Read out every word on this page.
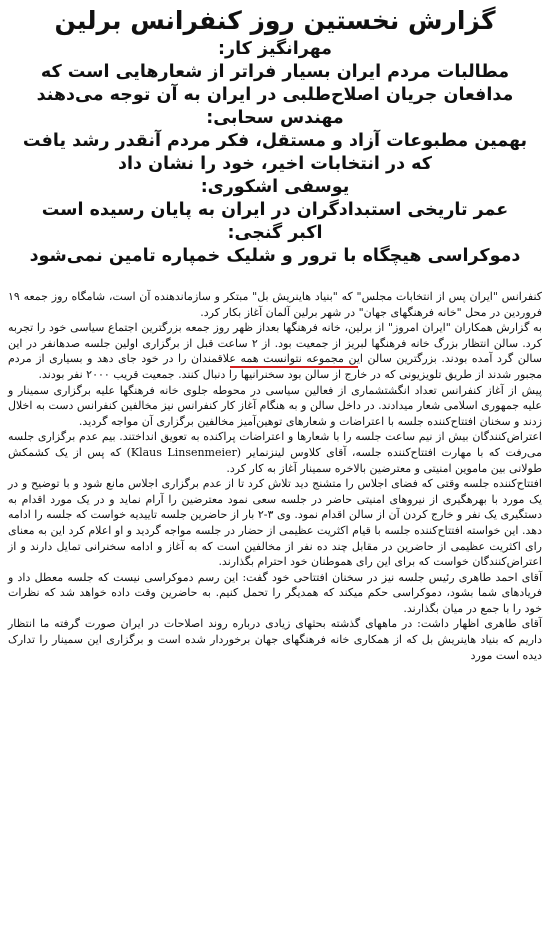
گزارش نخستین روز کنفرانس برلین
مهرانگیز کار:
مطالبات مردم ایران بسیار فراتر از شعارهایی است که
مدافعان جریان اصلاح‌طلبی در ایران به آن توجه می‌دهند
مهندس سحابی:
بهمین مطبوعات آزاد و مستقل، فکر مردم آنقدر رشد یافت
که در انتخابات اخیر، خود را نشان داد
یوسفی اشکوری:
عمر تاریخی استبدادگران در ایران به پایان رسیده است
اکبر گنجی:
دموکراسی هیچگاه با ترور و شلیک خمپاره تامین نمی‌شود

کنفرانس "ایران پس از انتخابات مجلس" که "بنیاد هاینریش بل" مبتکر و سازماندهنده آن است، شامگاه روز جمعه ۱۹ فروردین در محل "خانه فرهنگهای جهان" در شهر برلین آلمان آغاز بکار کرد.

به گزارش همکاران "ایران امروز" از برلین، خانه فرهنگها بعداز ظهر روز جمعه بزرگترین اجتماع سیاسی خود را تجربه کرد. سالن انتظار بزرگ خانه فرهنگها لبریز از جمعیت بود. از ۲ ساعت قبل از برگزاری اولین جلسه صدهانفر در این سالن گرد آمده بودند. بزرگترین سالن این مجموعه نتوانست همه علاقمندان را در خود جای دهد و بسیاری از مردم مجبور شدند از طریق تلویزیونی که در خارج از سالن بود سخنرانیها را دنبال کنند. جمعیت قریب ۲۰۰۰ نفر بودند.

پیش از آغاز کنفرانس تعداد انگشتشماری از فعالین سیاسی در محوطه جلوی خانه فرهنگها علیه برگزاری سمینار و علیه جمهوری اسلامی شعار میدادند. در داخل سالن و به هنگام آغاز کار کنفرانس نیز مخالفین کنفرانس دست به اخلال زدند و سخنان افتتاح‌کننده جلسه با اعتراضات و شعارهای توهین‌آمیز مخالفین برگزاری آن مواجه گردید.

اعتراض‌کنندگان بیش از نیم ساعت جلسه را با شعارها و اعتراضات پراکنده به تعویق انداختند. بیم عدم برگزاری جلسه می‌رفت که با مهارت افتتاح‌کننده جلسه، آقای کلاوس لینزنمایر (Klaus Linsenmeier) که پس از یک کشمکش طولانی بین ماموین امنیتی و معترضین بالاخره سمینار آغاز به کار کرد.

افتتاح‌کننده جلسه وقتی که فضای اجلاس را متشنج دید تلاش کرد تا از عدم برگزاری اجلاس مانع شود و با توضیح و در یک مورد با بهرهگیری از نیروهای امنیتی حاضر در جلسه سعی نمود معترضین را آرام نماید و در یک مورد اقدام به دستگیری یک نفر و خارج کردن آن از سالن اقدام نمود. وی ۳-۲ بار از حاضرین جلسه تاییدیه خواست که جلسه را ادامه دهد. این خواسته افتتاح‌کننده جلسه با قیام اکثریت عظیمی از حضار در جلسه مواجه گردید و او اعلام کرد این به معنای رای اکثریت عظیمی از حاضرین در مقابل چند ده نفر از مخالفین است که به آغاز و ادامه سخنرانی تمایل دارند و از اعتراض‌کنندگان خواست که برای این رای هموطنان خود احترام بگذارند.

آقای احمد طاهری رئیس جلسه نیز در سخنان افتتاحی خود گفت: این رسم دموکراسی نیست که جلسه معطل داد و فریادهای شما بشود، دموکراسی حکم میکند که همدیگر را تحمل کنیم. به حاضرین وقت داده خواهد شد که نظرات خود را با جمع در میان بگذارند.

آقای طاهری اظهار داشت: در ماههای گذشته بحثهای زیادی درباره روند اصلاحات در ایران صورت گرفته ما انتظار داریم که بنیاد هاینریش بل که از همکاری خانه فرهنگهای جهان برخوردار شده است و برگزاری این سمینار را تدارک دیده است مورد
